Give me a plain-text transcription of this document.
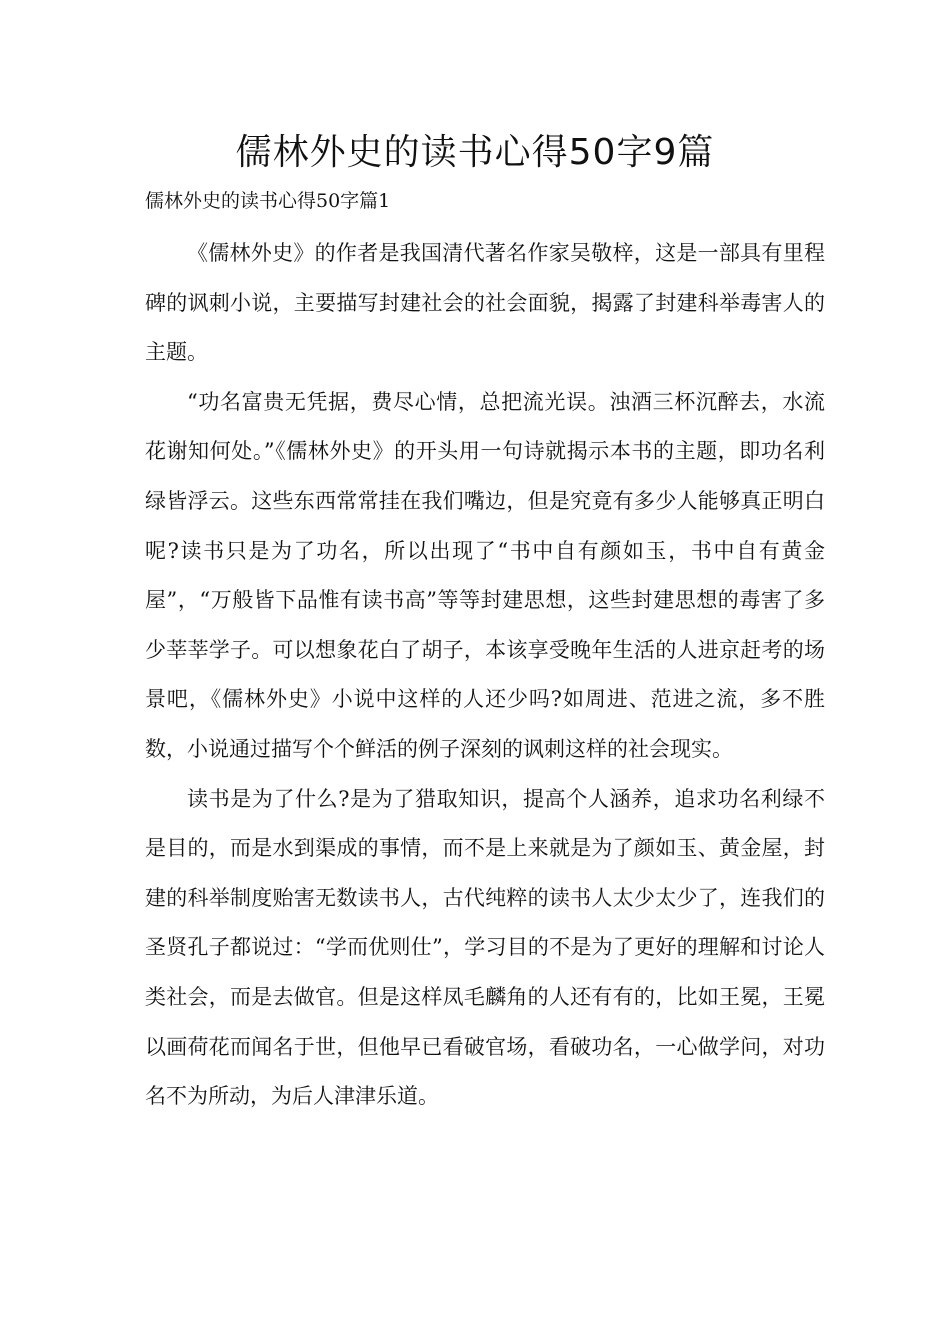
儒林外史的读书心得50字9篇
儒林外史的读书心得50字篇1

《儒林外史》的作者是我国清代著名作家吴敬梓，这是一部具有里程碑的讽刺小说，主要描写封建社会的社会面貌，揭露了封建科举毒害人的主题。

“功名富贵无凭据，费尽心情，总把流光误。浊酒三杯沉醉去，水流花谢知何处。”《儒林外史》的开头用一句诗就揭示本书的主题，即功名利绿皆浮云。这些东西常常挂在我们嘴边，但是究竟有多少人能够真正明白呢?读书只是为了功名，所以出现了“书中自有颜如玉，书中自有黄金屋”，“万般皆下品惟有读书高”等等封建思想，这些封建思想的毒害了多少莘莘学子。可以想象花白了胡子，本该享受晚年生活的人进京赶考的场景吧，《儒林外史》小说中这样的人还少吗?如周进、范进之流，多不胜数，小说通过描写个个鲜活的例子深刻的讽刺这样的社会现实。

读书是为了什么?是为了猎取知识，提高个人涵养，追求功名利绿不是目的，而是水到渠成的事情，而不是上来就是为了颜如玉、黄金屋，封建的科举制度贻害无数读书人，古代纯粹的读书人太少太少了，连我们的圣贤孔子都说过：“学而优则仕”，学习目的不是为了更好的理解和讨论人类社会，而是去做官。但是这样凤毛麟角的人还有有的，比如王冕，王冕以画荷花而闻名于世，但他早已看破官场，看破功名，一心做学问，对功名不为所动，为后人津津乐道。
